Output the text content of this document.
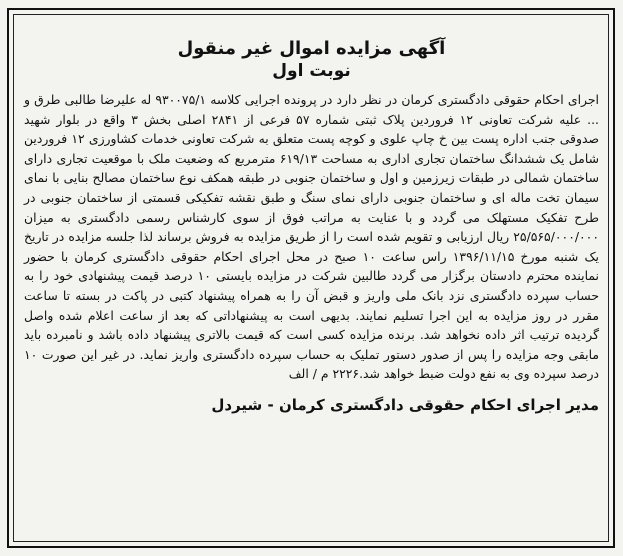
آگهی مزایده اموال غیر منقول
نوبت اول
اجرای احکام حقوقی دادگستری کرمان در نظر دارد در پرونده اجرایی کلاسه ۹۳۰۰۷۵/۱ له علیرضا طالبی طرق و ... علیه شرکت تعاونی ۱۲ فروردین پلاک ثبتی شماره ۵۷ فرعی از ۲۸۴۱ اصلی بخش ۳ واقع در بلوار شهید صدوقی جنب اداره پست بین خ چاپ علوی و کوچه پست متعلق به شرکت تعاونی خدمات کشاورزی ۱۲ فروردین شامل یک ششدانگ ساختمان تجاری اداری به مساحت ۶۱۹/۱۳ مترمربع که وضعیت ملک با موقعیت تجاری دارای ساختمان شمالی در طبقات زیرزمین و اول و ساختمان جنوبی در طبقه همکف نوع ساختمان مصالح بنایی با نمای سیمان تخت ماله ای و ساختمان جنوبی دارای نمای سنگ و طبق نقشه تفکیکی قسمتی از ساختمان جنوبی در طرح تفکیک مستهلک می گردد و با عنایت به مراتب فوق از سوی کارشناس رسمی دادگستری به میزان ۲۵/۵۶۵/۰۰۰/۰۰۰ ریال ارزیابی و تقویم شده است را از طریق مزایده به فروش برساند لذا جلسه مزایده در تاریخ یک شنبه مورخ ۱۳۹۶/۱۱/۱۵ راس ساعت ۱۰ صبح در محل اجرای احکام حقوقی دادگستری کرمان با حضور نماینده محترم دادستان برگزار می گردد طالبین شرکت در مزایده بایستی ۱۰ درصد قیمت پیشنهادی خود را به حساب سپرده دادگستری نزد بانک ملی واریز و قبض آن را به همراه پیشنهاد کتبی در پاکت در بسته تا ساعت مقرر در روز مزایده به این اجرا تسلیم نمایند. بدیهی است به پیشنهاداتی که بعد از ساعت اعلام شده واصل گردیده ترتیب اثر داده نخواهد شد. برنده مزایده کسی است که قیمت بالاتری پیشنهاد داده باشد و نامبرده باید مابقی وجه مزایده را پس از صدور دستور تملیک به حساب سپرده دادگستری واریز نماید. در غیر این صورت ۱۰ درصد سپرده وی به نفع دولت ضبط خواهد شد.۲۲۲۶ م / الف
مدیر اجرای احکام حقوقی دادگستری کرمان - شیردل
